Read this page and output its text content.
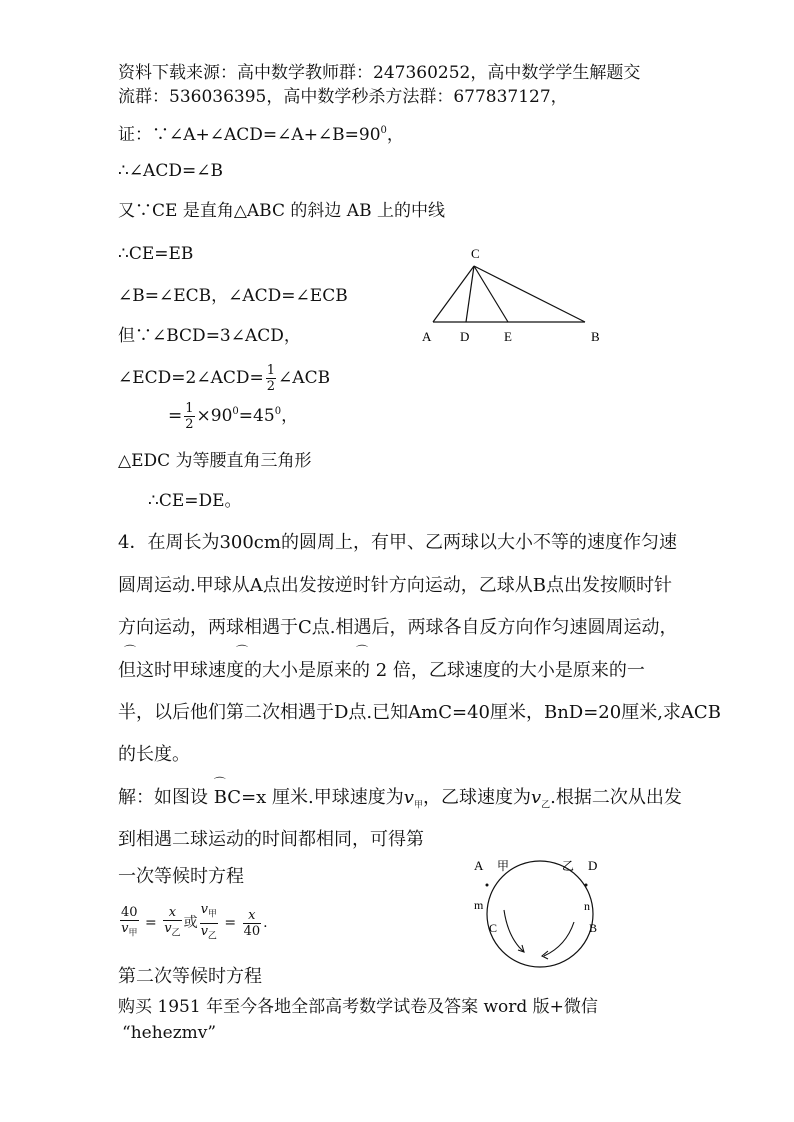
资料下载来源：高中数学教师群：247360252，高中数学学生解题交
流群：536036395，高中数学秒杀方法群：677837127，
证：$\because\angle A+\angle ACD=\angle A+\angle B=90^0$，
∴∠ACD=∠B
又∵CE 是直角△ABC 的斜边 AB 上的中线
∴CE=EB
∠B=∠ECB，∠ACD=∠ECB
但∵∠BCD=3∠ACD，
∠ECD=2∠ACD= $\frac{1}{2}$ ∠ACB
= $\frac{1}{2} \times 90^0=45^0$，
△EDC 为等腰直角三角形
∴CE=DE。
C
A D	E	B
4．在周长为300cm的圆周上，有甲、乙两球以大小不等的速度作匀速
圆周运动.甲球从A点出发按逆时针方向运动，乙球从B点出发按顺时针
方向运动，两球相遇于C点.相遇后，两球各自反方向作匀速圆周运动，
但这时甲球速度的大小是原来的 2 倍，乙球速度的大小是原来的一
⌒	⌒	⌒
半，以后他们第二次相遇于D点.已知AmC=40厘米，BnD=20厘米,求ACB
的长度。
解：如图设 ⌒ BC=x 厘米.甲球速度为$v_甲$，乙球速度为$v_乙$.根据二次从出发
到相遇二球运动的时间都相同，可得第
一次等候时方程
$\frac{40}{v_甲} = \frac{x}{v_乙}$ 或 $\frac{v_甲}{v_乙} = \frac{x}{40}$ .
第二次等候时方程
A 甲	乙 D
m	n
C	B
购买 1951 年至今各地全部高考数学试卷及答案 word 版+微信
“hehezmv”
